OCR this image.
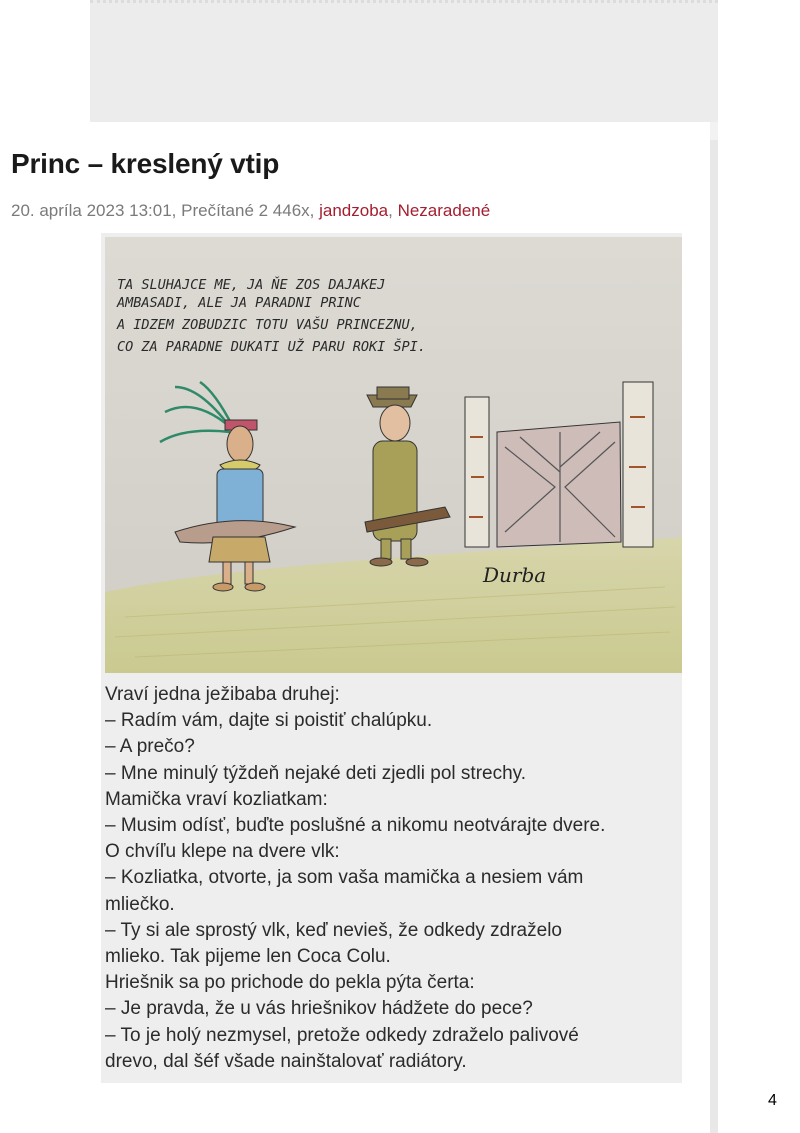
Princ – kreslený vtip
20. apríla 2023 13:01, Prečítané 2 446x, jandzoba, Nezaradené
TA SLUHAJCE ME, JA ŇE ZOS DAJAKEJ
AMBASADI, ALE JA PARADNI PRINC
A IDZEM ZOBUDZIC TOTU VAŠU PRINCEZNU,
CO ZA PARADNE DUKATI UŽ PARU ROKI ŠPI.
Durba

Vraví jedna ježibaba druhej:

– Radím vám, dajte si poistiť chalúpku.

– A prečo?

– Mne minulý týždeň nejaké deti zjedli pol strechy.

Mamička vraví kozliatkam:

– Musim odísť, buďte poslušné a nikomu neotvárajte dvere.

O chvíľu klepe na dvere vlk:

– Kozliatka, otvorte, ja som vaša mamička a nesiem vám

mliečko.

– Ty si ale sprostý vlk, keď nevieš, že odkedy zdraželo

mlieko. Tak pijeme len Coca Colu.

Hriešnik sa po prichode do pekla pýta čerta:

– Je pravda, že u vás hriešnikov hádžete do pece?

– To je holý nezmysel, pretože odkedy zdraželo palivové

drevo, dal šéf všade nainštalovať radiátory.

4
